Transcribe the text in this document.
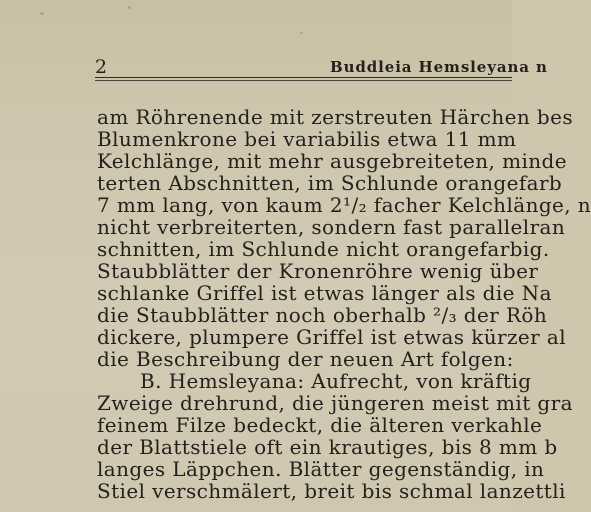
2	Buddleia Hemsleyana n
am Röhrenende mit zerstreuten Härchen bes
Blumenkrone bei variabilis etwa 11 mm
Kelchlänge, mit mehr ausgebreiteten, minde
terten Abschnitten, im Schlunde orangefarb
7 mm lang, von kaum 2¹/₂ facher Kelchlänge, n
nicht verbreiterten, sondern fast parallelran
schnitten, im Schlunde nicht orangefarbig.
Staubblätter der Kronenröhre wenig über
schlanke Griffel ist etwas länger als die Na
die Staubblätter noch oberhalb ²/₃ der Röh
dickere, plumpere Griffel ist etwas kürzer al
die Beschreibung der neuen Art folgen:
B. Hemsleyana: Aufrecht, von kräftig
Zweige drehrund, die jüngeren meist mit gra
feinem Filze bedeckt, die älteren verkahle
der Blattstiele oft ein krautiges, bis 8 mm b
langes Läppchen. Blätter gegenständig, in
Stiel verschmälert, breit bis schmal lanzettli
